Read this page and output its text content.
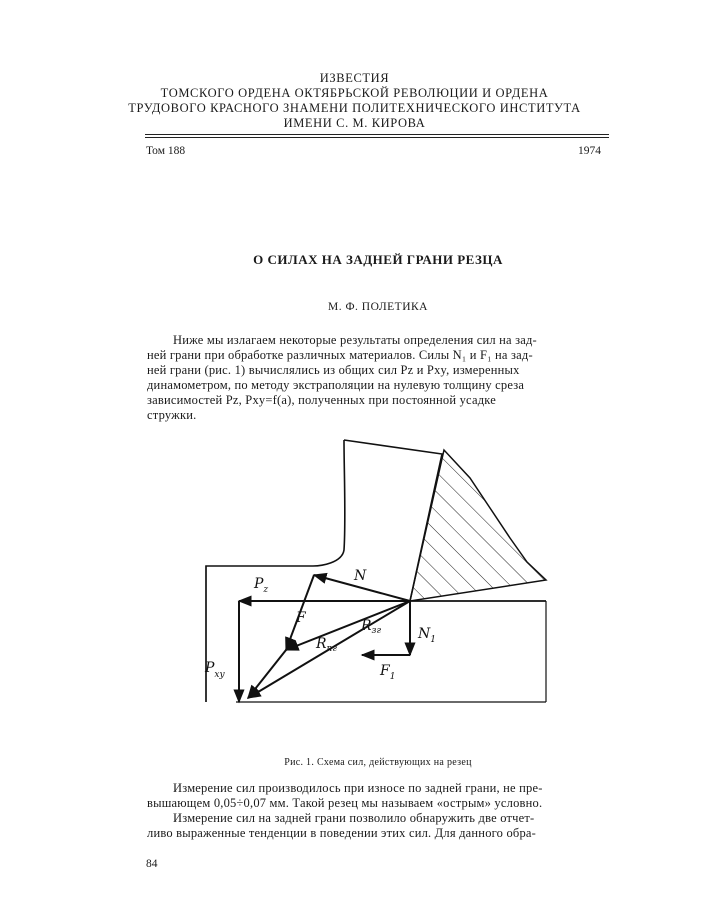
ИЗВЕСТИЯ
ТОМСКОГО ОРДЕНА ОКТЯБРЬСКОЙ РЕВОЛЮЦИИ И ОРДЕНА
ТРУДОВОГО КРАСНОГО ЗНАМЕНИ ПОЛИТЕХНИЧЕСКОГО ИНСТИТУТА
ИМЕНИ С. М. КИРОВА
Том 188	1974
О СИЛАХ НА ЗАДНЕЙ ГРАНИ РЕЗЦА
М. Ф. ПОЛЕТИКА
Ниже мы излагаем некоторые результаты определения сил на зад-
ней грани при обработке различных материалов. Силы N₁ и F₁ на зад-
ней грани (рис. 1) вычислялись из общих сил Pz и Pxy, измеренных
динамометром, по методу экстраполяции на нулевую толщину среза
зависимостей Pz, Pxy=f(a), полученных при постоянной усадке
стружки.
$P_z$
$P_{xy}$
N
F	$R_{зг}$
$R_{пг}$
$N_1$
$F_1$
Рис. 1. Схема сил, действующих на резец
Измерение сил производилось при износе по задней грани, не пре-
вышающем 0,05÷0,07 мм. Такой резец мы называем «острым» условно.
Измерение сил на задней грани позволило обнаружить две отчет-
ливо выраженные тенденции в поведении этих сил. Для данного обра-
84
